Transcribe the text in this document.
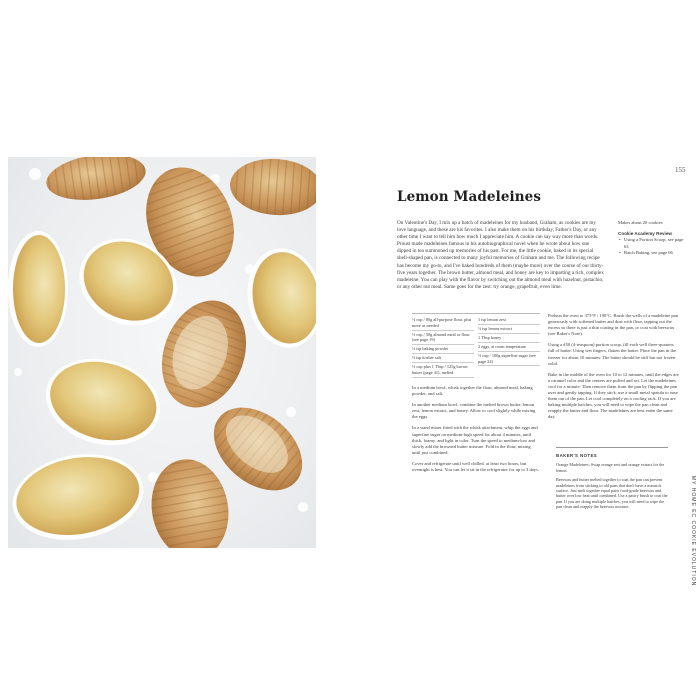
155
Lemon Madeleines

On Valentine's Day, I mix up a batch of madeleines for my husband, Graham, as cookies are my love language, and these are his favorites. I also make them on his birthday, Father's Day, or any other time I want to tell him how much I appreciate him. A cookie can say way more than words. Proust made madeleines famous in his autobiographical novel when he wrote about how one dipped in tea summoned up memories of his past. For me, the little cookie, baked in its special shell-shaped pan, is connected to many joyful memories of Graham and me. The following recipe has become my go-to, and I've baked hundreds of them (maybe more) over the course of our thirty-five years together. The brown butter, almond meal, and honey are key to imparting a rich, complex madeleine. You can play with the flavor by switching out the almond meal with hazelnut, pistachio, or any other nut meal. Same goes for the zest: try orange, grapefruit, even lime.

Makes about 20 cookies

Cookie Academy Review

• Using a Portion Scoop, see page 63
• Batch Baking, see page 66
½ cup / 80g all-purpose flour, plus more as needed
½ cup / 50g almond meal or flour (see page 19)
½ tsp baking powder
½ tsp kosher salt
½ cup plus 1 Tbsp / 125g brown butter (page 41), melted
1 tsp lemon zest
½ tsp lemon extract
1 Tbsp honey
2 eggs, at room temperature
½ cup / 100g superfine sugar (see page 24)

In a medium bowl, whisk together the flour, almond meal, baking powder, and salt.

In another medium bowl, combine the melted brown butter, lemon zest, lemon extract, and honey. Allow to cool slightly while mixing the eggs.

In a stand mixer fitted with the whisk attachment, whip the eggs and superfine sugar on medium-high speed for about 4 minutes, until thick, foamy, and light in color. Turn the speed to medium-low and slowly add the browned butter mixture. Fold in the flour, mixing until just combined.

Cover and refrigerate until well chilled, at least two hours, but overnight is best. You can let it sit in the refrigerator for up to 3 days.

Preheat the oven to 375°F / 190°C. Brush the wells of a madeleine pan generously with softened butter and dust with flour, tapping out the excess so there is just a thin coating in the pan, or coat with beeswax (see Baker's Note).

Using a #50 (4-teaspoon) portion scoop, fill each well three-quarters full of batter. Using wet fingers, flatten the batter. Place the pan in the freezer for about 10 minutes. The batter should be stiff but not frozen solid.

Bake in the middle of the oven for 10 to 12 minutes, until the edges are a caramel color and the centers are puffed and set. Let the madeleines cool for a minute. Then remove them from the pan by flipping the pan over and gently tapping. If they stick, use a small metal spatula to ease them out of the pan. Let cool completely on a cooling rack. If you are baking multiple batches, you will need to wipe the pan clean and reapply the butter and flour. The madeleines are best eaten the same day.

BAKER'S NOTES

Orange Madeleines: Swap orange zest and orange extract for the lemon.

Beeswax and butter melted together to coat the pan can prevent madeleines from sticking to old pans that don't have a nonstick surface. Just melt together equal parts food-grade beeswax and butter over low heat until combined. Use a pastry brush to coat the pan. If you are doing multiple batches, you will need to wipe the pan clean and reapply the beeswax mixture.	MY HOME EC COOKIE EVOLUTION
